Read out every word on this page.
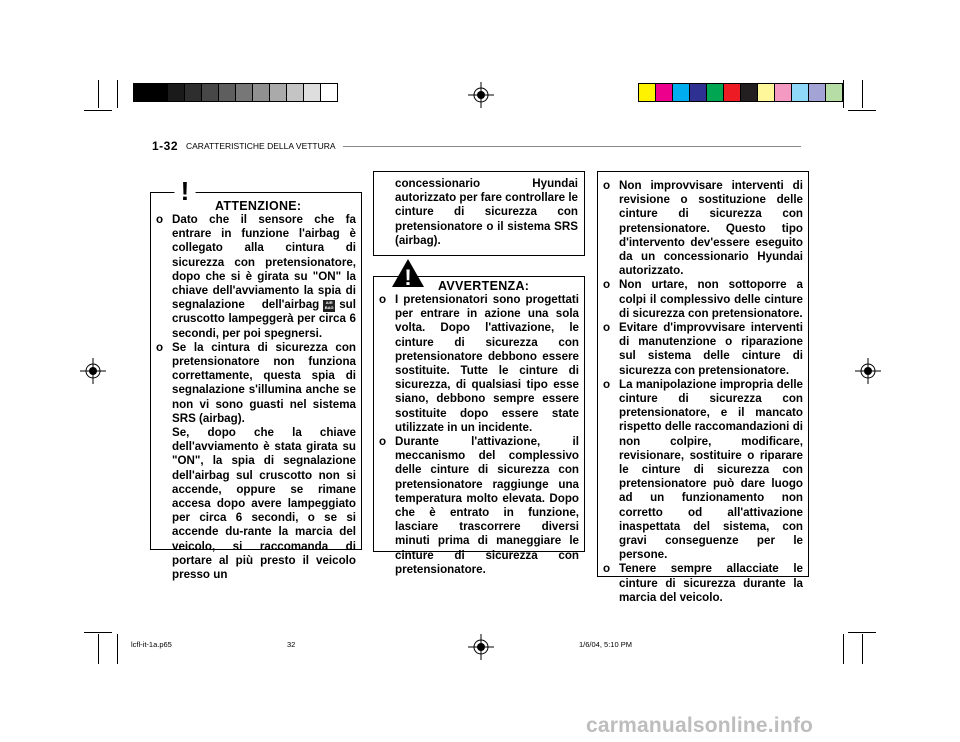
1-32 CARATTERISTICHE DELLA VETTURA
! ATTENZIONE:

o Dato che il sensore che fa entrare in funzione l'airbag è collegato alla cintura di sicurezza con pretensionatore, dopo che si è girata su "ON" la chiave dell'avviamento la spia di segnalazione dell'airbag AIR BAG sul cruscotto lampeggerà per circa 6 secondi, per poi spegnersi.

o Se la cintura di sicurezza con pretensionatore non funziona correttamente, questa spia di segnalazione s'illumina anche se non vi sono guasti nel sistema SRS (airbag).

Se, dopo che la chiave dell'avviamento è stata girata su "ON", la spia di segnalazione dell'airbag sul cruscotto non si accende, oppure se rimane accesa dopo avere lampeggiato per circa 6 secondi, o se si accende du-rante la marcia del veicolo, si raccomanda di portare al più presto il veicolo presso un

concessionario Hyundai autorizzato per fare controllare le cinture di sicurezza con pretensionatore o il sistema SRS (airbag).
! AVVERTENZA:

o I pretensionatori sono progettati per entrare in azione una sola volta. Dopo l'attivazione, le cinture di sicurezza con pretensionatore debbono essere sostituite. Tutte le cinture di sicurezza, di qualsiasi tipo esse siano, debbono sempre essere sostituite dopo essere state utilizzate in un incidente.

o Durante l'attivazione, il meccanismo del complessivo delle cinture di sicurezza con pretensionatore raggiunge una temperatura molto elevata. Dopo che è entrato in funzione, lasciare trascorrere diversi minuti prima di maneggiare le cinture di sicurezza con pretensionatore.

o Non improvvisare interventi di revisione o sostituzione delle cinture di sicurezza con pretensionatore. Questo tipo d'intervento dev'essere eseguito da un concessionario Hyundai autorizzato.

o Non urtare, non sottoporre a colpi il complessivo delle cinture di sicurezza con pretensionatore.

o Evitare d'improvvisare interventi di manutenzione o riparazione sul sistema delle cinture di sicurezza con pretensionatore.

o La manipolazione impropria delle cinture di sicurezza con pretensionatore, e il mancato rispetto delle raccomandazioni di non colpire, modificare, revisionare, sostituire o riparare le cinture di sicurezza con pretensionatore può dare luogo ad un funzionamento non corretto od all'attivazione inaspettata del sistema, con gravi conseguenze per le persone.

o Tenere sempre allacciate le cinture di sicurezza durante la marcia del veicolo.

lcfl-it-1a.p65	32	1/6/04, 5:10 PM
carmanualsonline.info
